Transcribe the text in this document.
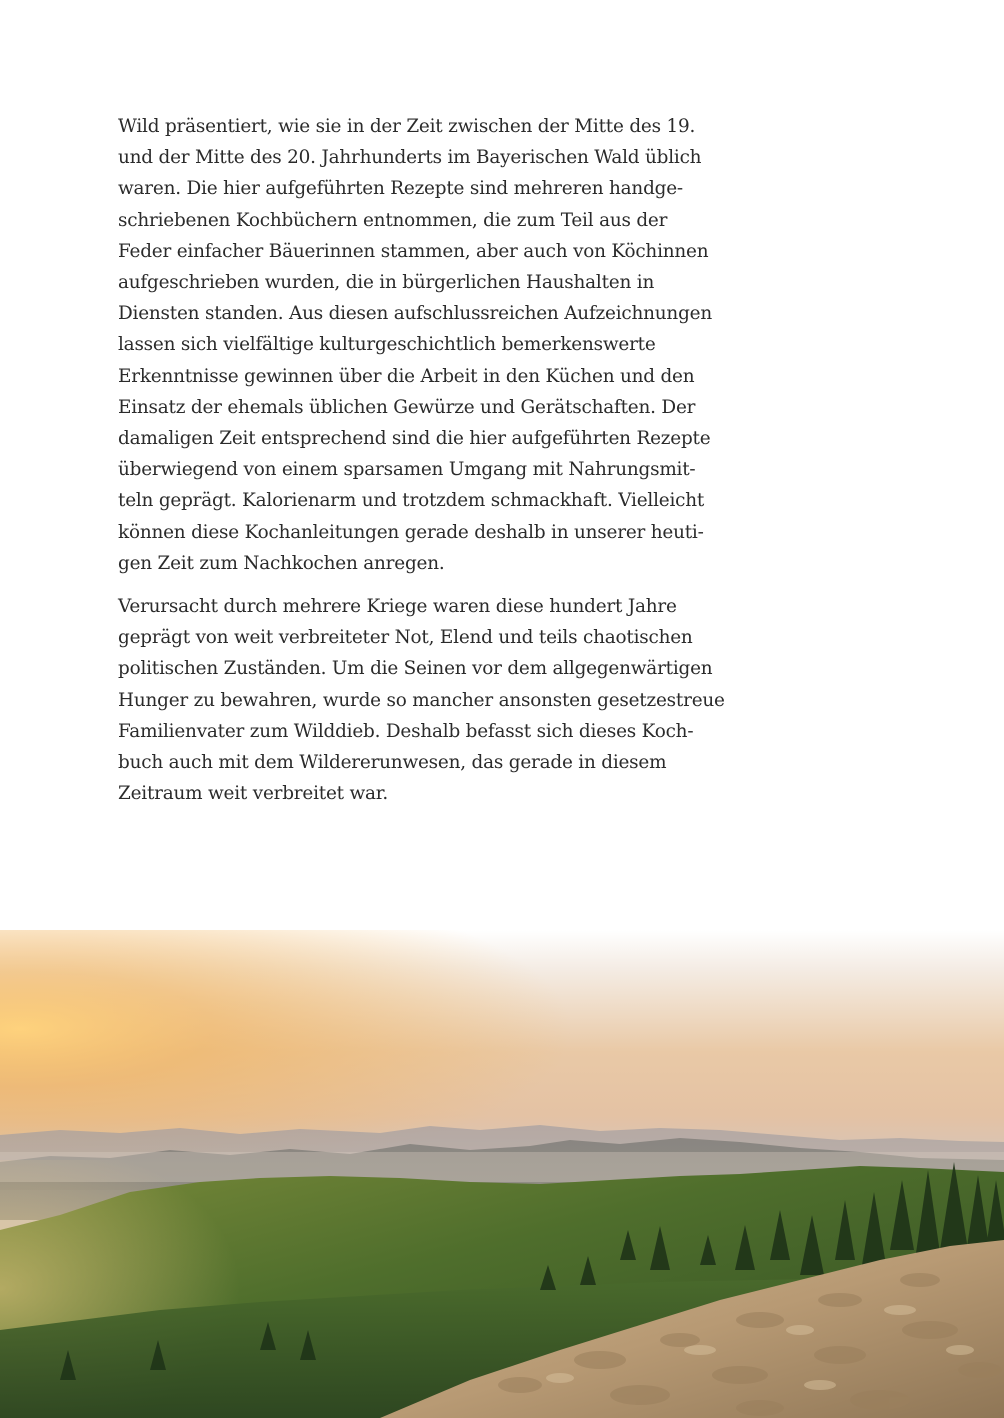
Wild präsentiert, wie sie in der Zeit zwischen der Mitte des 19.
und der Mitte des 20. Jahrhunderts im Bayerischen Wald üblich
waren. Die hier aufgeführten Rezepte sind mehreren handge-
schriebenen Kochbüchern entnommen, die zum Teil aus der
Feder einfacher Bäuerinnen stammen, aber auch von Köchinnen
aufgeschrieben wurden, die in bürgerlichen Haushalten in
Diensten standen. Aus diesen aufschlussreichen Aufzeichnungen
lassen sich vielfältige kulturgeschichtlich bemerkenswerte
Erkenntnisse gewinnen über die Arbeit in den Küchen und den
Einsatz der ehemals üblichen Gewürze und Gerätschaften. Der
damaligen Zeit entsprechend sind die hier aufgeführten Rezepte
überwiegend von einem sparsamen Umgang mit Nahrungsmit-
teln geprägt. Kalorienarm und trotzdem schmackhaft. Vielleicht
können diese Kochanleitungen gerade deshalb in unserer heuti-
gen Zeit zum Nachkochen anregen.
Verursacht durch mehrere Kriege waren diese hundert Jahre
geprägt von weit verbreiteter Not, Elend und teils chaotischen
politischen Zuständen. Um die Seinen vor dem allgegenwärtigen
Hunger zu bewahren, wurde so mancher ansonsten gesetzestreue
Familienvater zum Wilddieb. Deshalb befasst sich dieses Koch-
buch auch mit dem Wildererunwesen, das gerade in diesem
Zeitraum weit verbreitet war.
